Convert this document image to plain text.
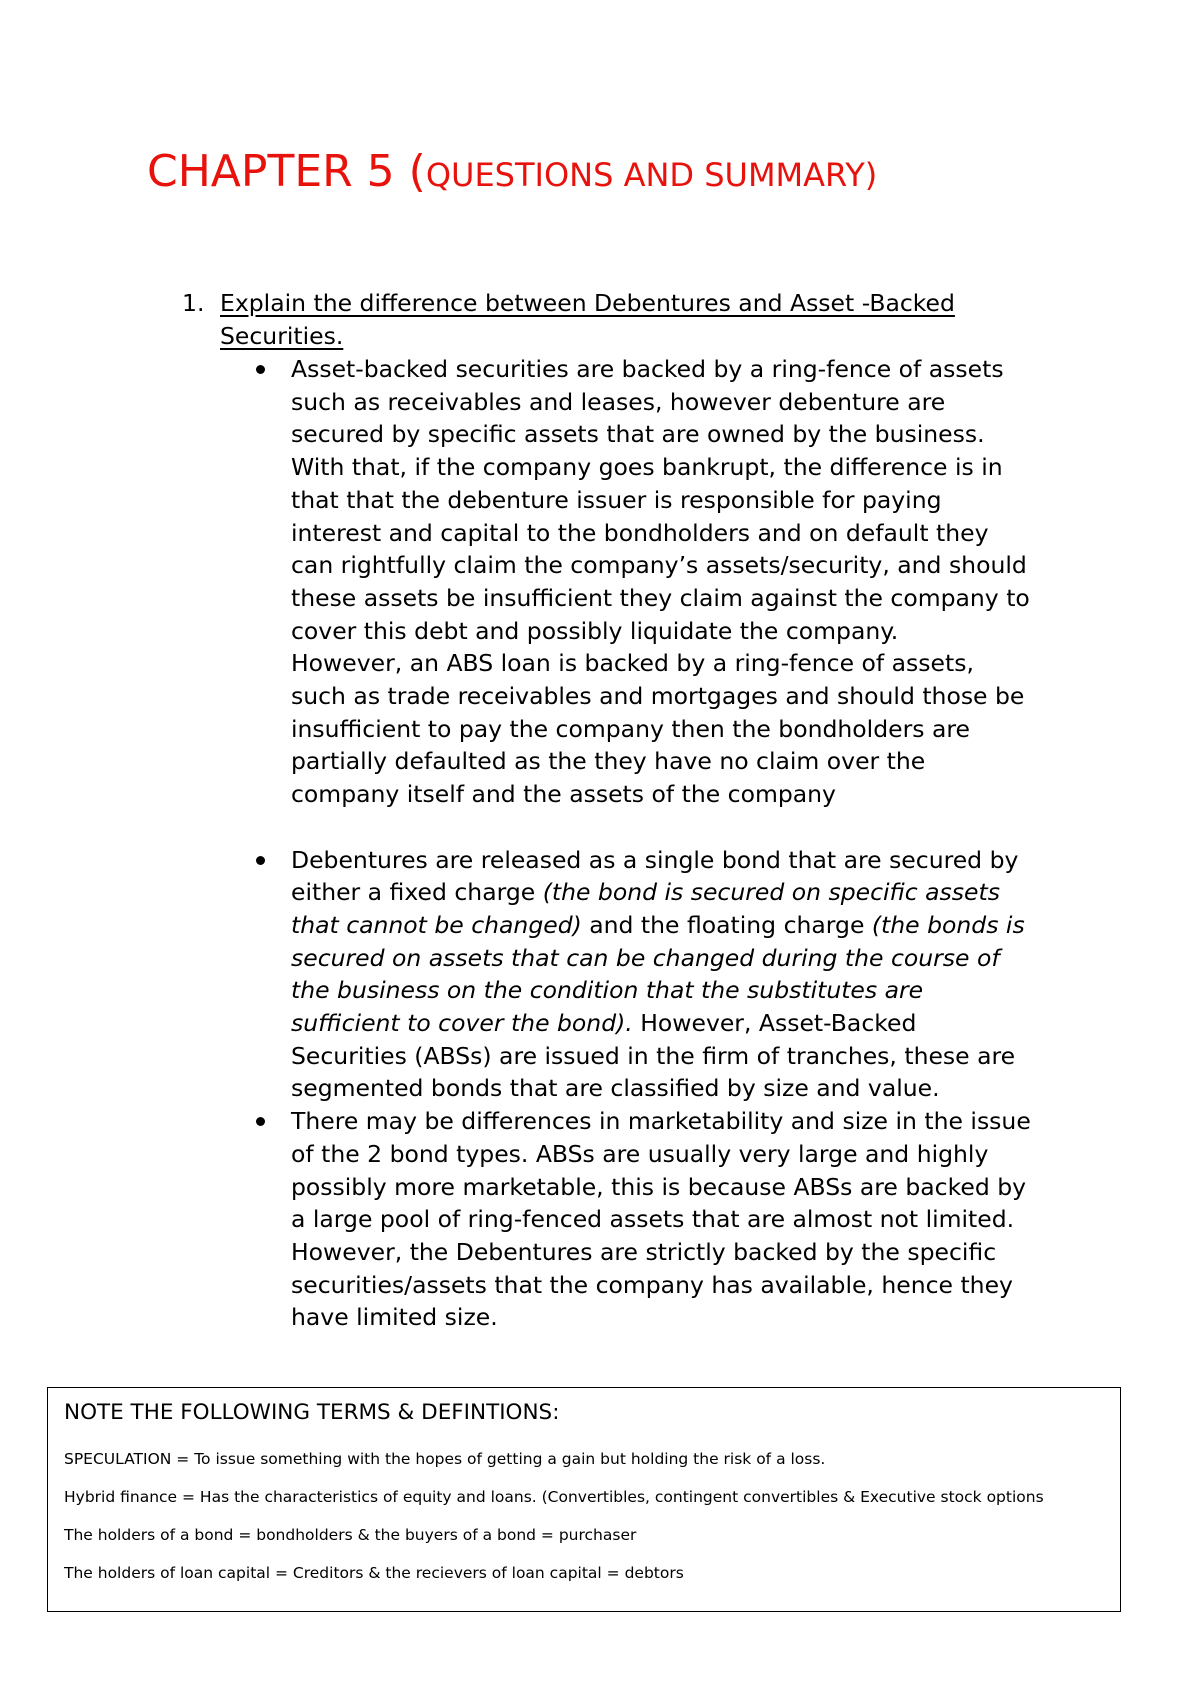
CHAPTER 5 (QUESTIONS AND SUMMARY)
1. Explain the difference between Debentures and Asset -Backed
Securities.
Asset-backed securities are backed by a ring-fence of assets
such as receivables and leases, however debenture are
secured by specific assets that are owned by the business.
With that, if the company goes bankrupt, the difference is in
that that the debenture issuer is responsible for paying
interest and capital to the bondholders and on default they
can rightfully claim the company’s assets/security, and should
these assets be insufficient they claim against the company to
cover this debt and possibly liquidate the company.
However, an ABS loan is backed by a ring-fence of assets,
such as trade receivables and mortgages and should those be
insufficient to pay the company then the bondholders are
partially defaulted as the they have no claim over the
company itself and the assets of the company
Debentures are released as a single bond that are secured by
either a fixed charge (the bond is secured on specific assets
that cannot be changed) and the floating charge (the bonds is
secured on assets that can be changed during the course of
the business on the condition that the substitutes are
sufficient to cover the bond). However, Asset-Backed
Securities (ABSs) are issued in the firm of tranches, these are
segmented bonds that are classified by size and value.
There may be differences in marketability and size in the issue
of the 2 bond types. ABSs are usually very large and highly
possibly more marketable, this is because ABSs are backed by
a large pool of ring-fenced assets that are almost not limited.
However, the Debentures are strictly backed by the specific
securities/assets that the company has available, hence they
have limited size.
NOTE THE FOLLOWING TERMS & DEFINTIONS:
SPECULATION = To issue something with the hopes of getting a gain but holding the risk of a loss.
Hybrid finance = Has the characteristics of equity and loans. (Convertibles, contingent convertibles & Executive stock options
The holders of a bond = bondholders & the buyers of a bond = purchaser
The holders of loan capital = Creditors & the recievers of loan capital = debtors
